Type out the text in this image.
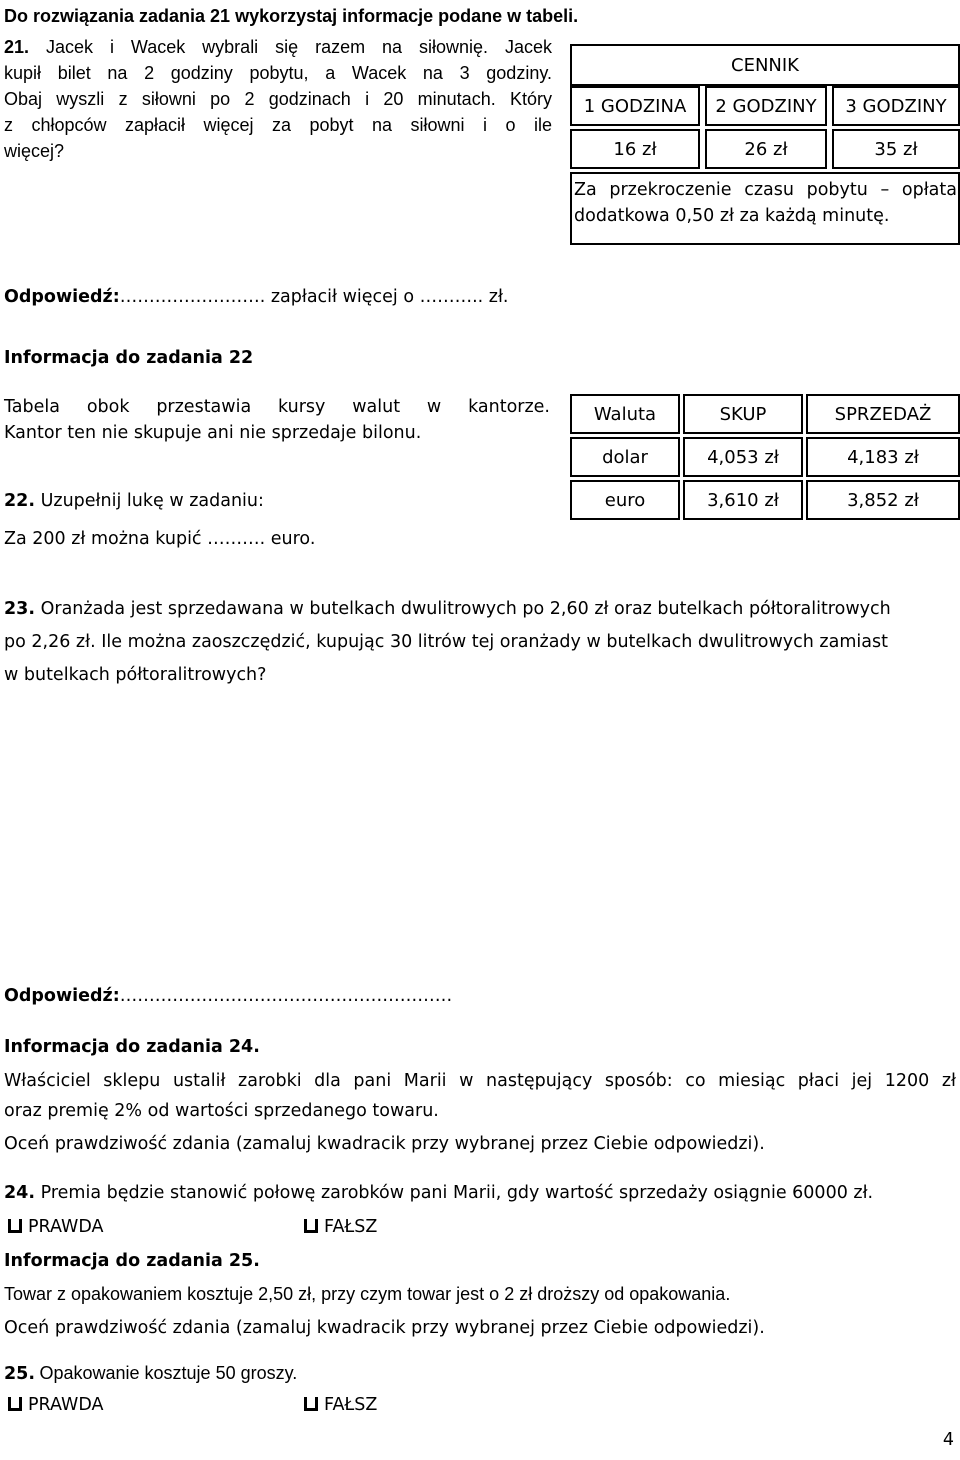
Do rozwiązania zadania 21 wykorzystaj informacje podane w tabeli.
21. Jacek i Wacek wybrali się razem na siłownię. Jacek
kupił bilet na 2 godziny pobytu, a Wacek na 3 godziny.
Obaj wyszli z siłowni po 2 godzinach i 20 minutach. Który
z chłopców zapłacił więcej za pobyt na siłowni i o ile
więcej?
CENNIK
1 GODZINA	2 GODZINY	3 GODZINY
16 zł	26 zł	35 zł
Za przekroczenie czasu pobytu – opłata
dodatkowa 0,50 zł za każdą minutę.
Odpowiedź:……………………. zapłacił więcej o ……….. zł.
Informacja do zadania 22
Tabela obok przestawia kursy walut w kantorze.
Kantor ten nie skupuje ani nie sprzedaje bilonu.
22. Uzupełnij lukę w zadaniu:
Za 200 zł można kupić ………. euro.
Waluta	SKUP	SPRZEDAŻ
dolar	4,053 zł	4,183 zł
euro	3,610 zł	3,852 zł
23. Oranżada jest sprzedawana w butelkach dwulitrowych po 2,60 zł oraz butelkach półtoralitrowych
po 2,26 zł. Ile można zaoszczędzić, kupując 30 litrów tej oranżady w butelkach dwulitrowych zamiast
w butelkach półtoralitrowych?
Odpowiedź:…………………………………………………
Informacja do zadania 24.
Właściciel sklepu ustalił zarobki dla pani Marii w następujący sposób: co miesiąc płaci jej 1200 zł
oraz premię 2% od wartości sprzedanego towaru.
Oceń prawdziwość zdania (zamaluj kwadracik przy wybranej przez Ciebie odpowiedzi).
24. Premia będzie stanowić połowę zarobków pani Marii, gdy wartość sprzedaży osiągnie 60000 zł.
PRAWDA	FAŁSZ
Informacja do zadania 25.
Towar z opakowaniem kosztuje 2,50 zł, przy czym towar jest o 2 zł droższy od opakowania.
Oceń prawdziwość zdania (zamaluj kwadracik przy wybranej przez Ciebie odpowiedzi).
25. Opakowanie kosztuje 50 groszy.
PRAWDA	FAŁSZ
4
